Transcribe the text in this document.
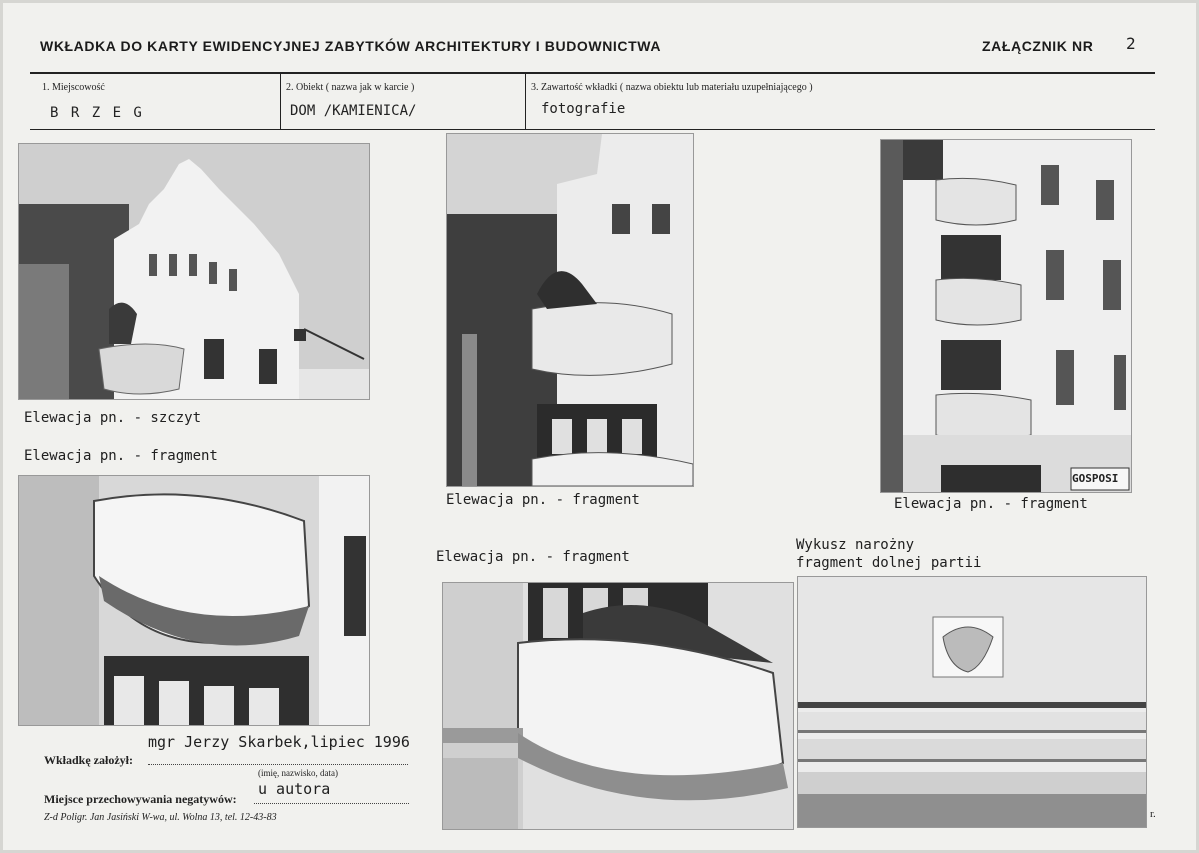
WKŁADKA DO KARTY EWIDENCYJNEJ ZABYTKÓW ARCHITEKTURY I BUDOWNICTWA	ZAŁĄCZNIK NR 2
1. Miejscowość
B R Z E G
2. Obiekt ( nazwa jak w karcie )
DOM /KAMIENICA/
3. Zawartość wkładki ( nazwa obiektu lub materiału uzupełniającego )
fotografie
Elewacja pn. - szczyt
Elewacja pn. - fragment
Elewacja pn. - fragment
GOSPOSI
Elewacja pn. - fragment
Elewacja pn. - fragment
Wykusz narożny
fragment dolnej partii
mgr Jerzy Skarbek,lipiec 1996
Wkładkę założył:
(imię, nazwisko, data)
u autora
Miejsce przechowywania negatywów:
Z-d Poligr. Jan Jasiński W-wa, ul. Wolna 13, tel. 12-43-83	r.
